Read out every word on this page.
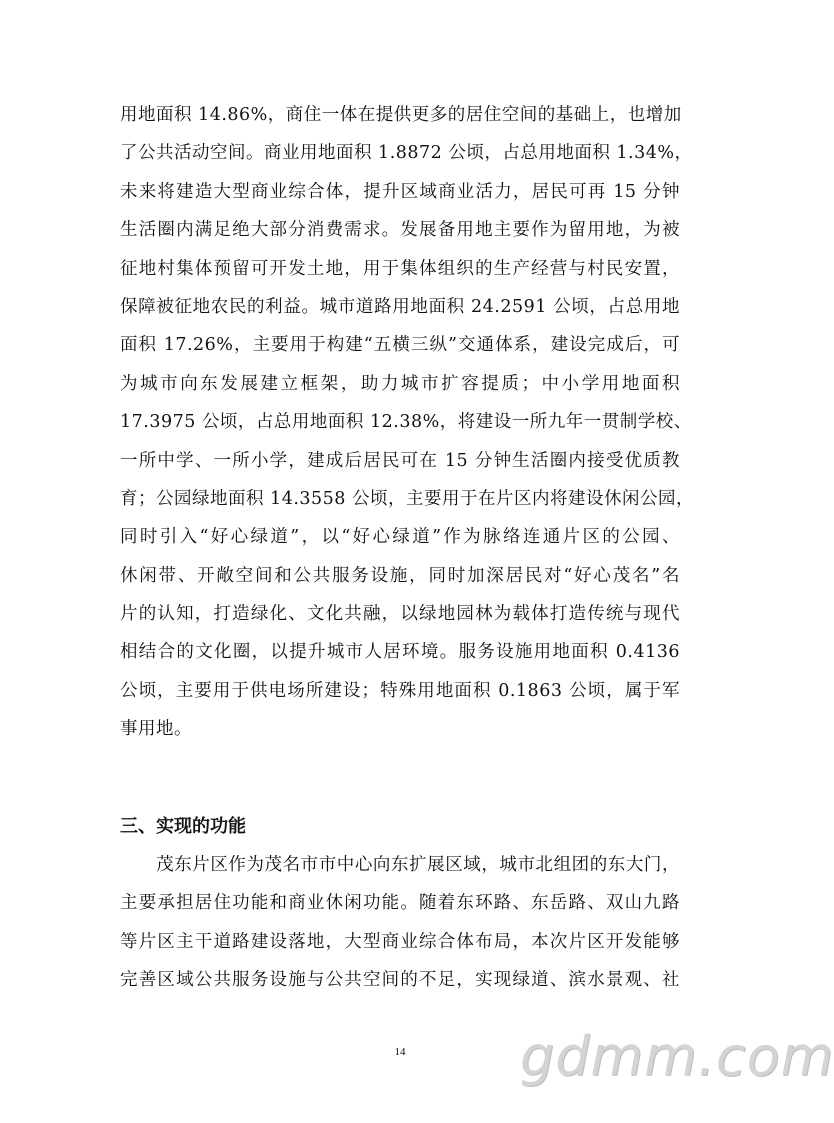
用地面积 14.86%，商住一体在提供更多的居住空间的基础上，也增加
了公共活动空间。商业用地面积 1.8872 公顷，占总用地面积 1.34%，
未来将建造大型商业综合体，提升区域商业活力，居民可再 15 分钟
生活圈内满足绝大部分消费需求。发展备用地主要作为留用地，为被
征地村集体预留可开发土地，用于集体组织的生产经营与村民安置，
保障被征地农民的利益。城市道路用地面积 24.2591 公顷，占总用地
面积 17.26%，主要用于构建“五横三纵”交通体系，建设完成后，可
为城市向东发展建立框架，助力城市扩容提质；中小学用地面积
17.3975 公顷，占总用地面积 12.38%，将建设一所九年一贯制学校、
一所中学、一所小学，建成后居民可在 15 分钟生活圈内接受优质教
育；公园绿地面积 14.3558 公顷，主要用于在片区内将建设休闲公园，
同时引入“好心绿道”，以“好心绿道”作为脉络连通片区的公园、
休闲带、开敞空间和公共服务设施，同时加深居民对“好心茂名”名
片的认知，打造绿化、文化共融，以绿地园林为载体打造传统与现代
相结合的文化圈，以提升城市人居环境。服务设施用地面积 0.4136
公顷，主要用于供电场所建设；特殊用地面积 0.1863 公顷，属于军
事用地。
三、实现的功能
　　茂东片区作为茂名市市中心向东扩展区域，城市北组团的东大门，
主要承担居住功能和商业休闲功能。随着东环路、东岳路、双山九路
等片区主干道路建设落地，大型商业综合体布局，本次片区开发能够
完善区域公共服务设施与公共空间的不足，实现绿道、滨水景观、社
14 gdmm.com
